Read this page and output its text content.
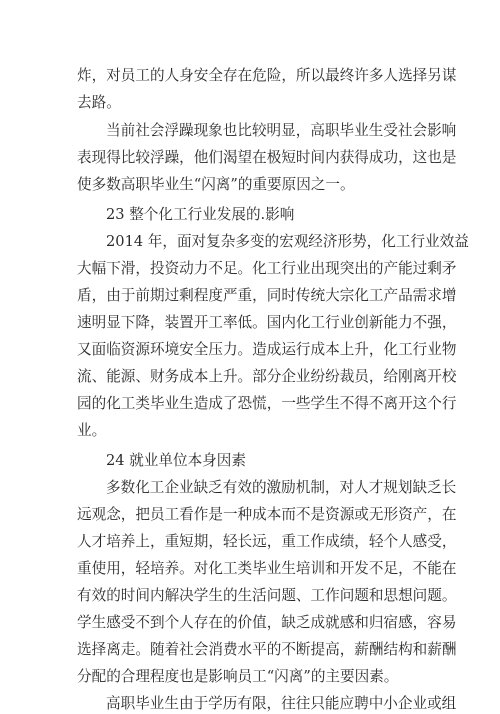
炸，对员工的人身安全存在危险，所以最终许多人选择另谋
去路。
当前社会浮躁现象也比较明显，高职毕业生受社会影响
表现得比较浮躁，他们渴望在极短时间内获得成功，这也是
使多数高职毕业生“闪离”的重要原因之一。
23 整个化工行业发展的.影响
2014 年，面对复杂多变的宏观经济形势，化工行业效益
大幅下滑，投资动力不足。化工行业出现突出的产能过剩矛
盾，由于前期过剩程度严重，同时传统大宗化工产品需求增
速明显下降，装置开工率低。国内化工行业创新能力不强，
又面临资源环境安全压力。造成运行成本上升，化工行业物
流、能源、财务成本上升。部分企业纷纷裁员，给刚离开校
园的化工类毕业生造成了恐慌，一些学生不得不离开这个行
业。
24 就业单位本身因素
多数化工企业缺乏有效的激励机制，对人才规划缺乏长
远观念，把员工看作是一种成本而不是资源或无形资产，在
人才培养上，重短期，轻长远，重工作成绩，轻个人感受，
重使用，轻培养。对化工类毕业生培训和开发不足，不能在
有效的时间内解决学生的生活问题、工作问题和思想问题。
学生感受不到个人存在的价值，缺乏成就感和归宿感，容易
选择离走。随着社会消费水平的不断提高，薪酬结构和薪酬
分配的合理程度也是影响员工“闪离”的主要因素。
高职毕业生由于学历有限，往往只能应聘中小企业或组
